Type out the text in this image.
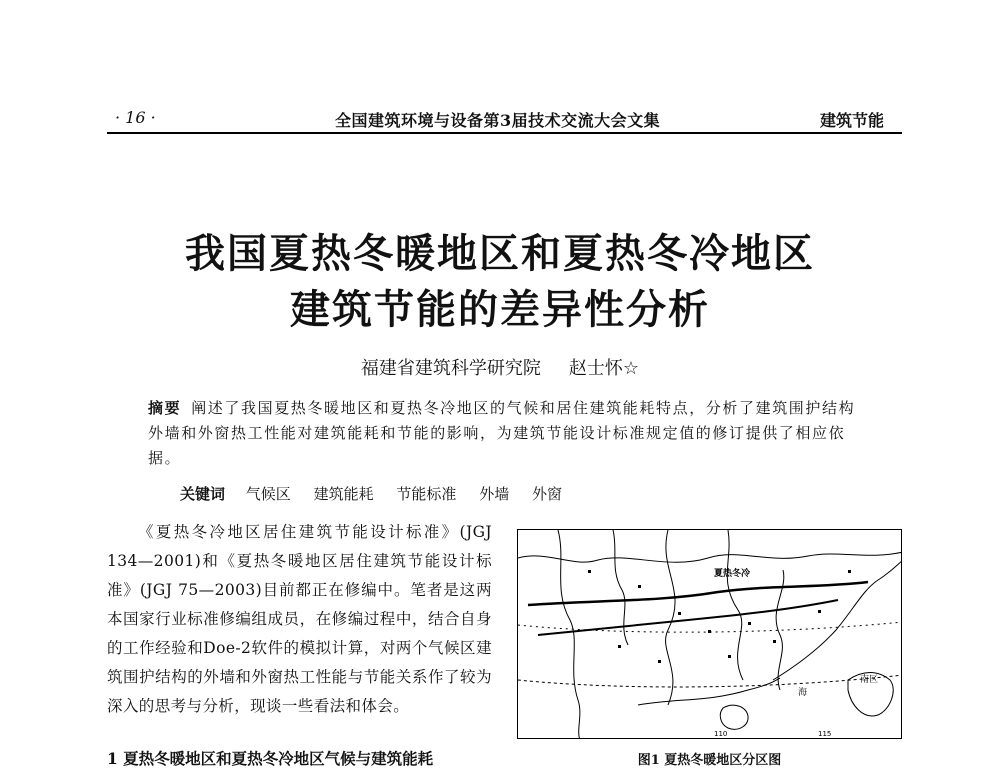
· 16 ·	全国建筑环境与设备第3届技术交流大会文集	建筑节能
我国夏热冬暖地区和夏热冬冷地区
建筑节能的差异性分析
福建省建筑科学研究院 赵士怀☆
摘要 阐述了我国夏热冬暖地区和夏热冬冷地区的气候和居住建筑能耗特点，分析了建筑围护结构外墙和外窗热工性能对建筑能耗和节能的影响，为建筑节能设计标准规定值的修订提供了相应依据。
关键词 气候区 建筑能耗 节能标准 外墙 外窗
《夏热冬冷地区居住建筑节能设计标准》(JGJ 134—2001)和《夏热冬暖地区居住建筑节能设计标准》(JGJ 75—2003)目前都正在修编中。笔者是这两本国家行业标准修编组成员，在修编过程中，结合自身的工作经验和Doe-2软件的模拟计算，对两个气候区建筑围护结构的外墙和外窗热工性能与节能关系作了较为深入的思考与分析，现谈一些看法和体会。
1 夏热冬暖地区和夏热冬冷地区气候与建筑能耗
夏热冬冷
南区
海
110	115
图1 夏热冬暖地区分区图
